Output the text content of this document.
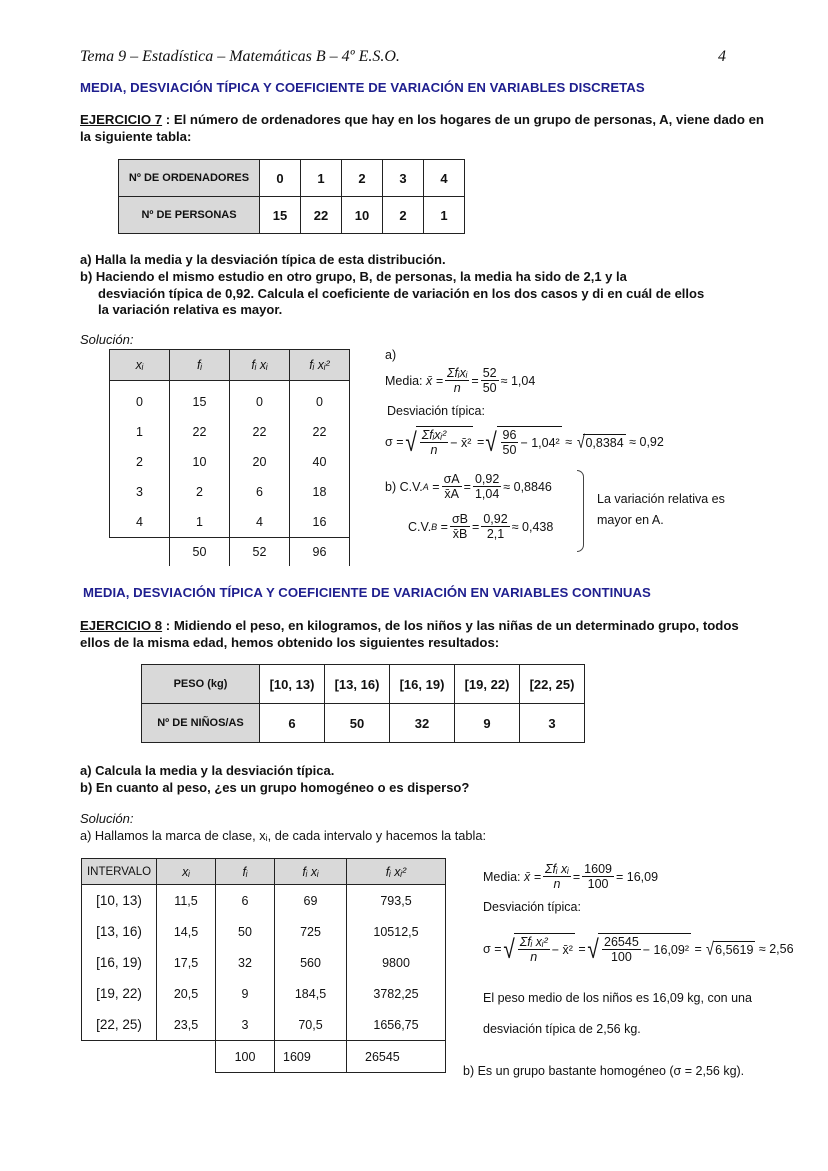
Tema 9 – Estadística – Matemáticas B – 4º E.S.O.	4
MEDIA, DESVIACIÓN TÍPICA Y COEFICIENTE DE VARIACIÓN EN VARIABLES DISCRETAS
EJERCICIO 7 : El número de ordenadores que hay en los hogares de un grupo de personas, A, viene dado en la siguiente tabla:
Nº DE ORDENADORES	0	1	2	3	4
Nº DE PERSONAS	15	22	10	2	1
a) Halla la media y la desviación típica de esta distribución.
b) Haciendo el mismo estudio en otro grupo, B, de personas, la media ha sido de 2,1 y la
desviación típica de 0,92. Calcula el coeficiente de variación en los dos casos y di en cuál de ellos
la variación relativa es mayor.
Solución:
xᵢ	fᵢ	fᵢ xᵢ	fᵢ xᵢ²
0	15	0	0
1	22	22	22
2	10	20	40
3	2	6	18
4	1	4	16
	50	52	96
a)
Media:
x̄ = $\frac{\text{Σfᵢxᵢ}}{n} = \frac{52}{50} \approx 1,04$
Desviación típica:
σ = √ $\frac{\text{Σfᵢxᵢ²}}{n}$ − x̄²
= √ $\frac{96}{50} - 1,04^2$
≈
√ 0,8384
≈ 0,92
b)
C.V. $A = \frac{\sigma A}{x̄A} = \frac{0,92}{1,04} \approx 0,8846$
C.V. $B = \frac{\sigma B}{x̄B} = \frac{0,92}{2,1} \approx 0,438$
La variación relativa es
mayor en A.
MEDIA, DESVIACIÓN TÍPICA Y COEFICIENTE DE VARIACIÓN EN VARIABLES CONTINUAS
EJERCICIO 8 : Midiendo el peso, en kilogramos, de los niños y las niñas de un determinado grupo, todos ellos de la misma edad, hemos obtenido los siguientes resultados:
PESO (kg)	[10, 13)	[13, 16)	[16, 19)	[19, 22)	[22, 25)
Nº DE NIÑOS/AS	6	50	32	9	3
a) Calcula la media y la desviación típica.
b) En cuanto al peso, ¿es un grupo homogéneo o es disperso?
Solución:
a) Hallamos la marca de clase, xᵢ, de cada intervalo y hacemos la tabla:
INTERVALO	xᵢ	fᵢ	fᵢ xᵢ	fᵢ xᵢ²
[10, 13)	11,5	6	69	793,5
[13, 16)	14,5	50	725	10512,5
[16, 19)	17,5	32	560	9800
[19, 22)	20,5	9	184,5	3782,25
[22, 25)	23,5	3	70,5	1656,75
		100	1609	26545
Media:
x̄ = $\frac{\text{Σfᵢ xᵢ}}{n} = \frac{1609}{100} = 16,09$
Desviación típica:
σ = √ $\frac{\text{Σfᵢ xᵢ²}}{n}$ − x̄²
= √ $\frac{26545}{100} - 16,09^2$
=
√ 6,5619
≈ 2,56
El peso medio de los niños es 16,09 kg, con una
desviación típica de 2,56 kg.
b) Es un grupo bastante homogéneo (σ = 2,56 kg).
